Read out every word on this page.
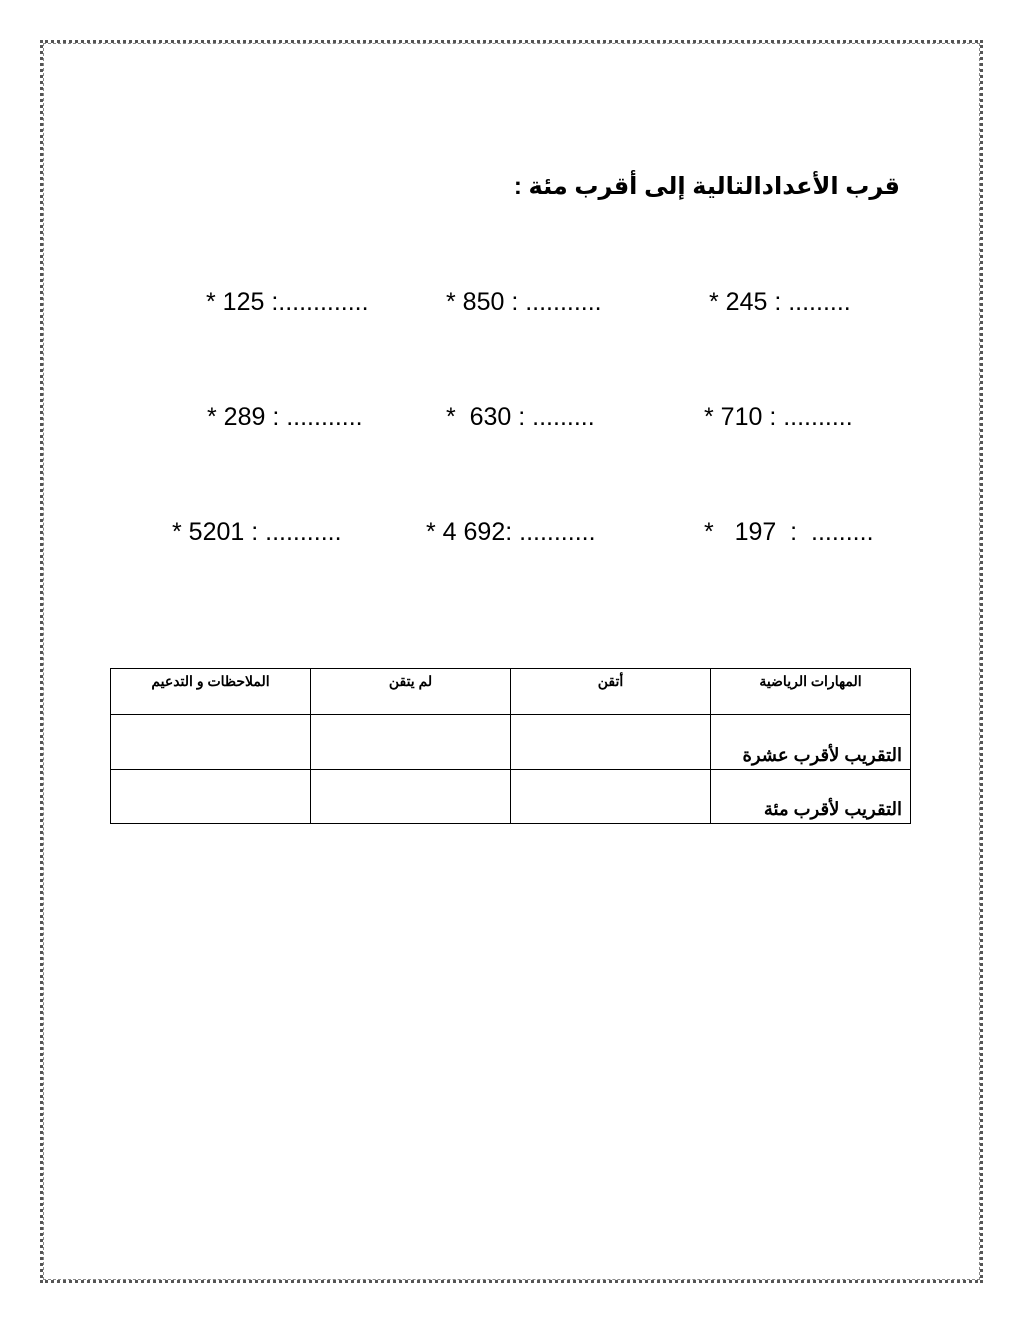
قرب الأعدادالتالية إلى أقرب مئة :
* 245 : .........
* 850 : ...........
* 125 :.............
* 710 : ..........
*  630 : .........
* 289 : ...........
*   197  :  .........
* 4 692: ...........
* 5201 : ...........
المهارات الرياضية	أتقن	لم يتقن	الملاحظات و التدعيم
التقريب لأقرب عشرة			
التقريب لأقرب مئة			
